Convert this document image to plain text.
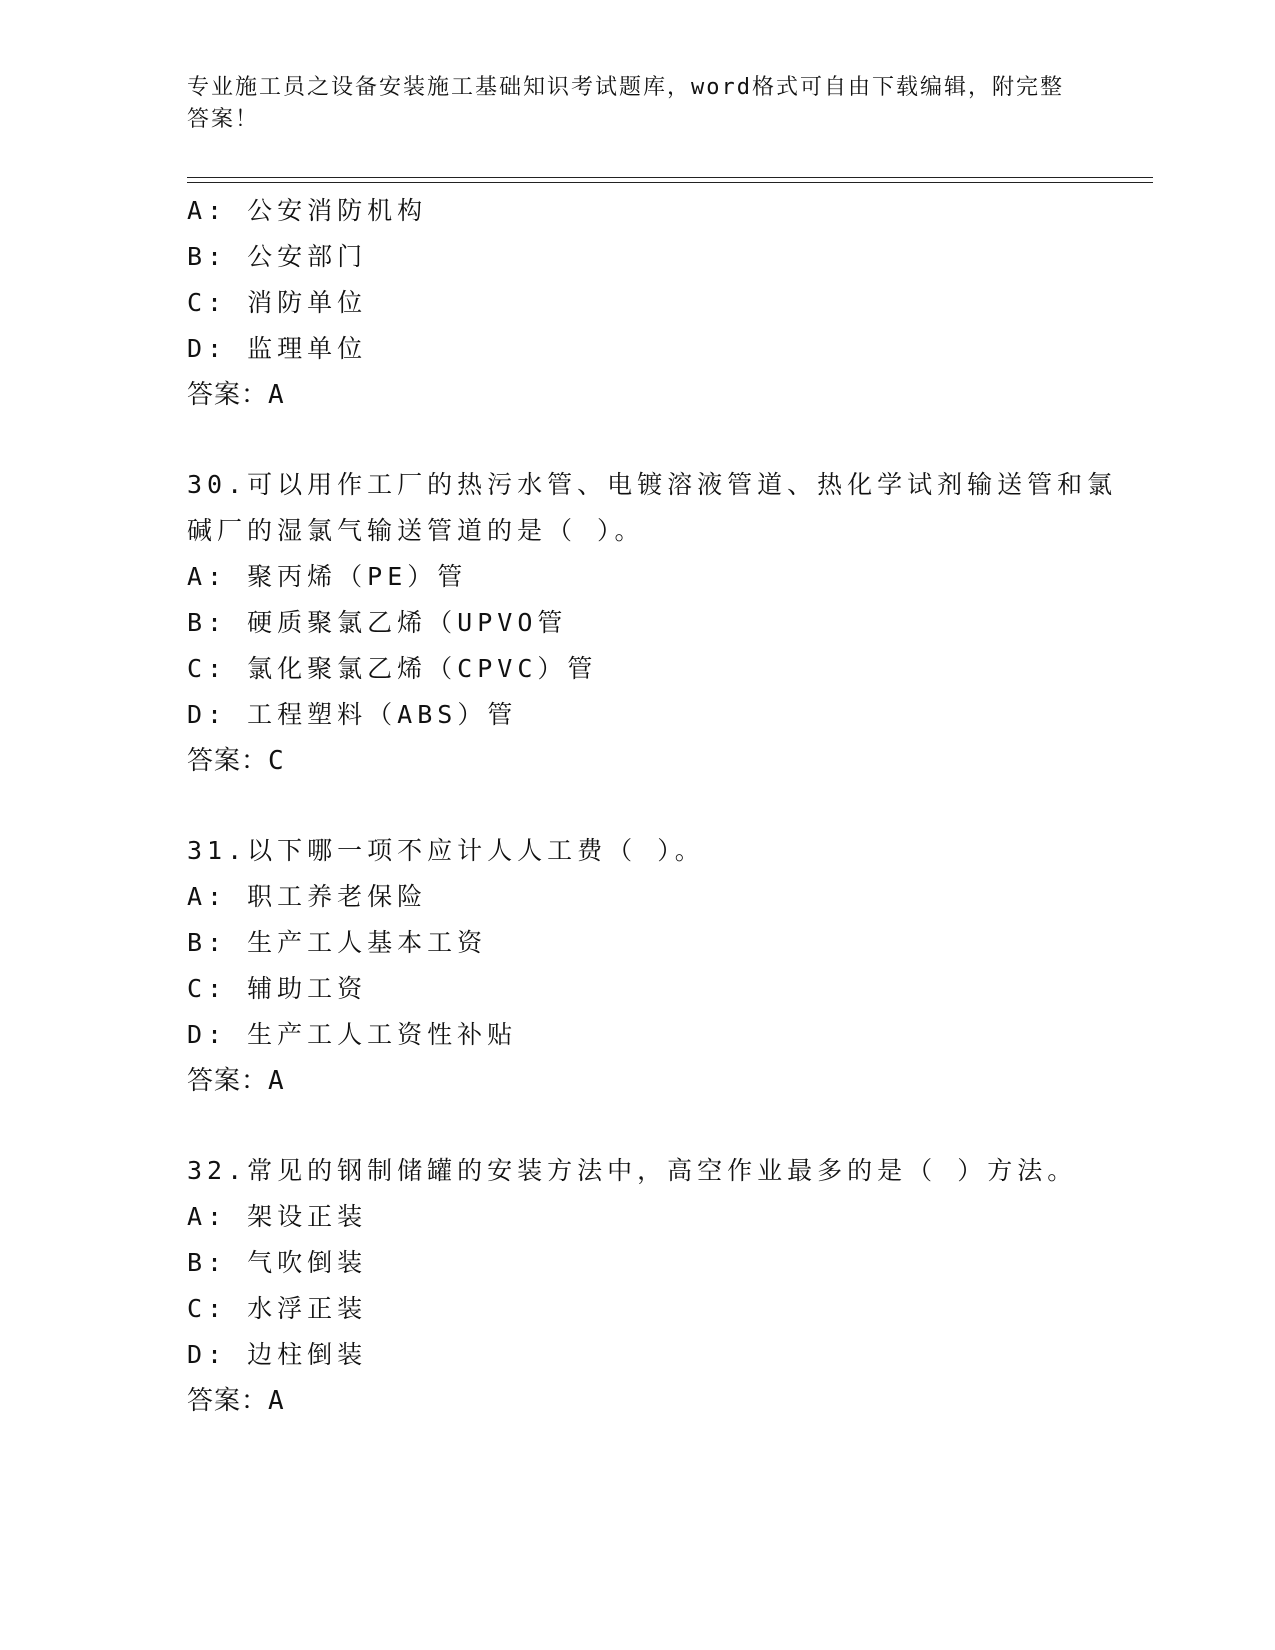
专业施工员之设备安装施工基础知识考试题库，word格式可自由下载编辑，附完整答案！
A: 公安消防机构
B: 公安部门
C: 消防单位
D: 监理单位
答案：A
30.可以用作工厂的热污水管、电镀溶液管道、热化学试剂输送管和氯
碱厂的湿氯气输送管道的是（ ）。
A: 聚丙烯（PE）管
B: 硬质聚氯乙烯（UPVO管
C: 氯化聚氯乙烯（CPVC）管
D: 工程塑料（ABS）管
答案：C
31.以下哪一项不应计人人工费（ ）。
A: 职工养老保险
B: 生产工人基本工资
C: 辅助工资
D: 生产工人工资性补贴
答案：A
32.常见的钢制储罐的安装方法中，高空作业最多的是（ ）方法。
A: 架设正装
B: 气吹倒装
C: 水浮正装
D: 边柱倒装
答案：A
